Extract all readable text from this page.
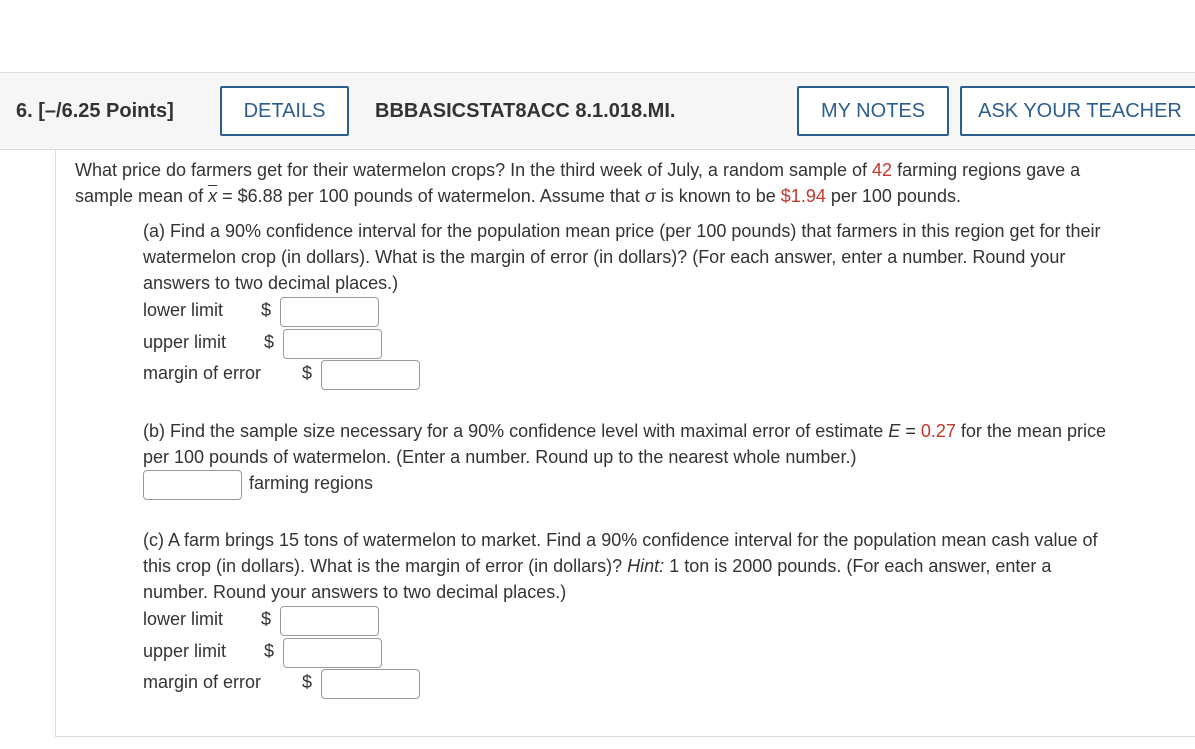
6. [–/6.25 Points]	DETAILS	BBBASICSTAT8ACC 8.1.018.MI.	MY NOTES	ASK YOUR TEACHER
What price do farmers get for their watermelon crops? In the third week of July, a random sample of 42 farming regions gave a
sample mean of $\overline{x}$ = $6.88 per 100 pounds of watermelon. Assume that σ is known to be $1.94 per 100 pounds.
(a) Find a 90% confidence interval for the population mean price (per 100 pounds) that farmers in this region get for their
watermelon crop (in dollars). What is the margin of error (in dollars)? (For each answer, enter a number. Round your
answers to two decimal places.)
lower limit $
upper limit $
margin of error $
(b) Find the sample size necessary for a 90% confidence level with maximal error of estimate E = 0.27 for the mean price
per 100 pounds of watermelon. (Enter a number. Round up to the nearest whole number.)
farming regions
(c) A farm brings 15 tons of watermelon to market. Find a 90% confidence interval for the population mean cash value of
this crop (in dollars). What is the margin of error (in dollars)? Hint: 1 ton is 2000 pounds. (For each answer, enter a
number. Round your answers to two decimal places.)
lower limit $
upper limit $
margin of error $
